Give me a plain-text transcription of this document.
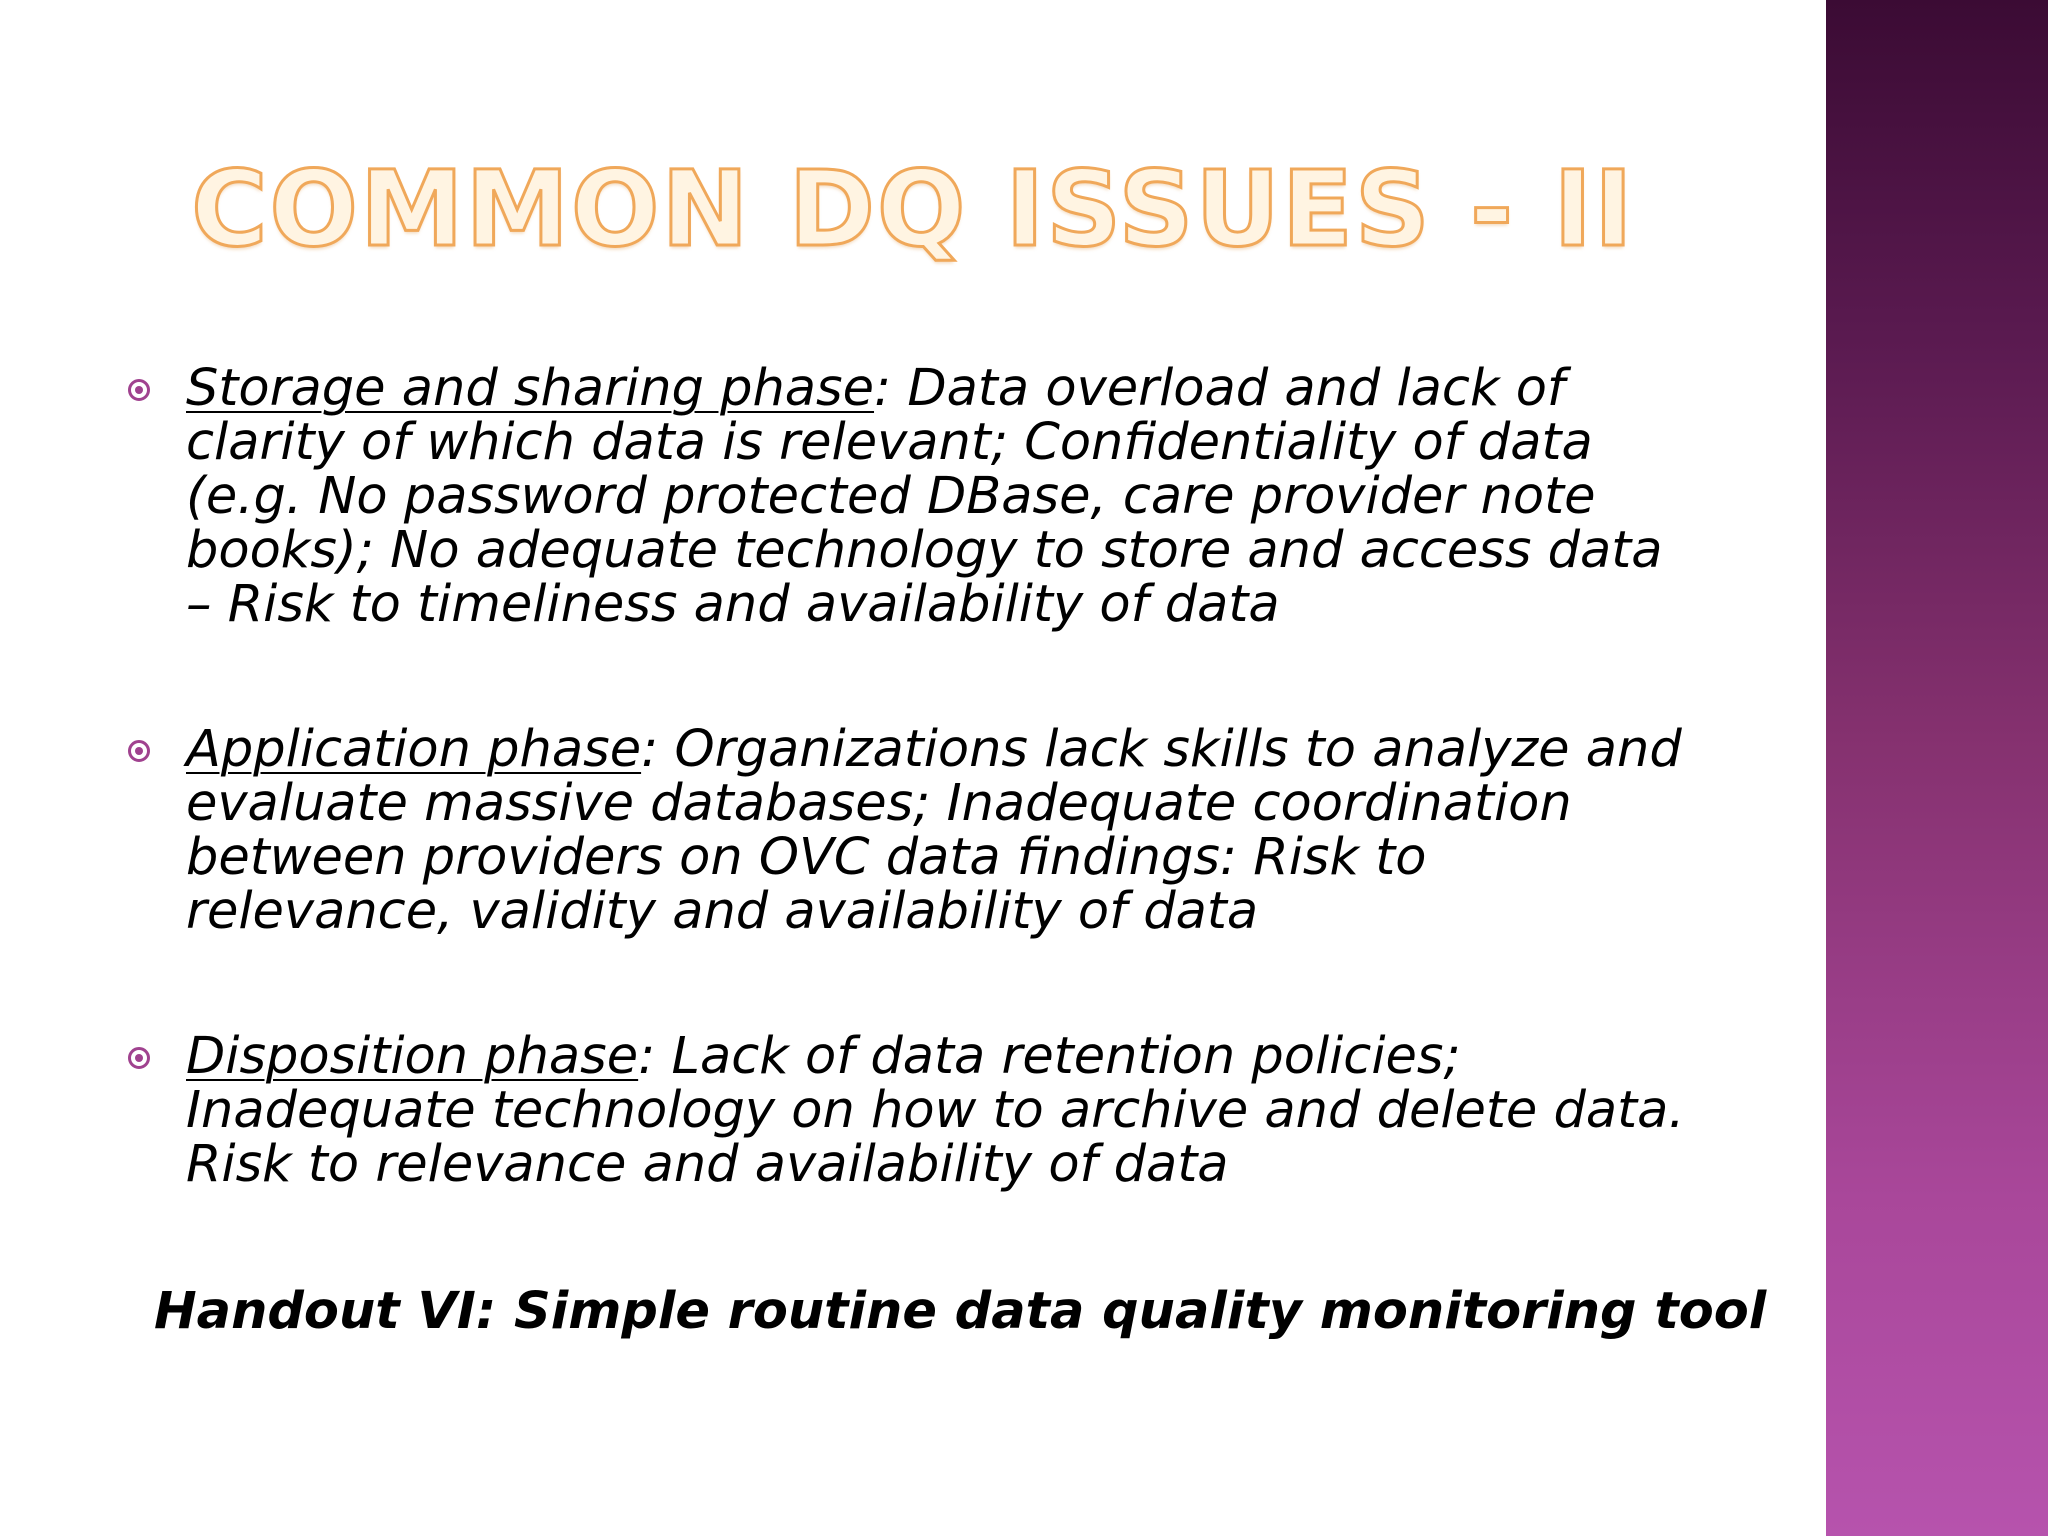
COMMON DQ ISSUES - II
Storage and sharing phase: Data overload and lack of clarity of which data is relevant; Confidentiality of data (e.g. No password protected DBase, care provider note books); No adequate technology to store and access data – Risk to timeliness and availability of data
Application phase: Organizations lack skills to analyze and evaluate massive databases; Inadequate coordination between providers on OVC data findings: Risk to relevance, validity and availability of data
Disposition phase: Lack of data retention policies; Inadequate technology on how to archive and delete data. Risk to relevance and availability of data
Handout VI: Simple routine data quality monitoring tool
